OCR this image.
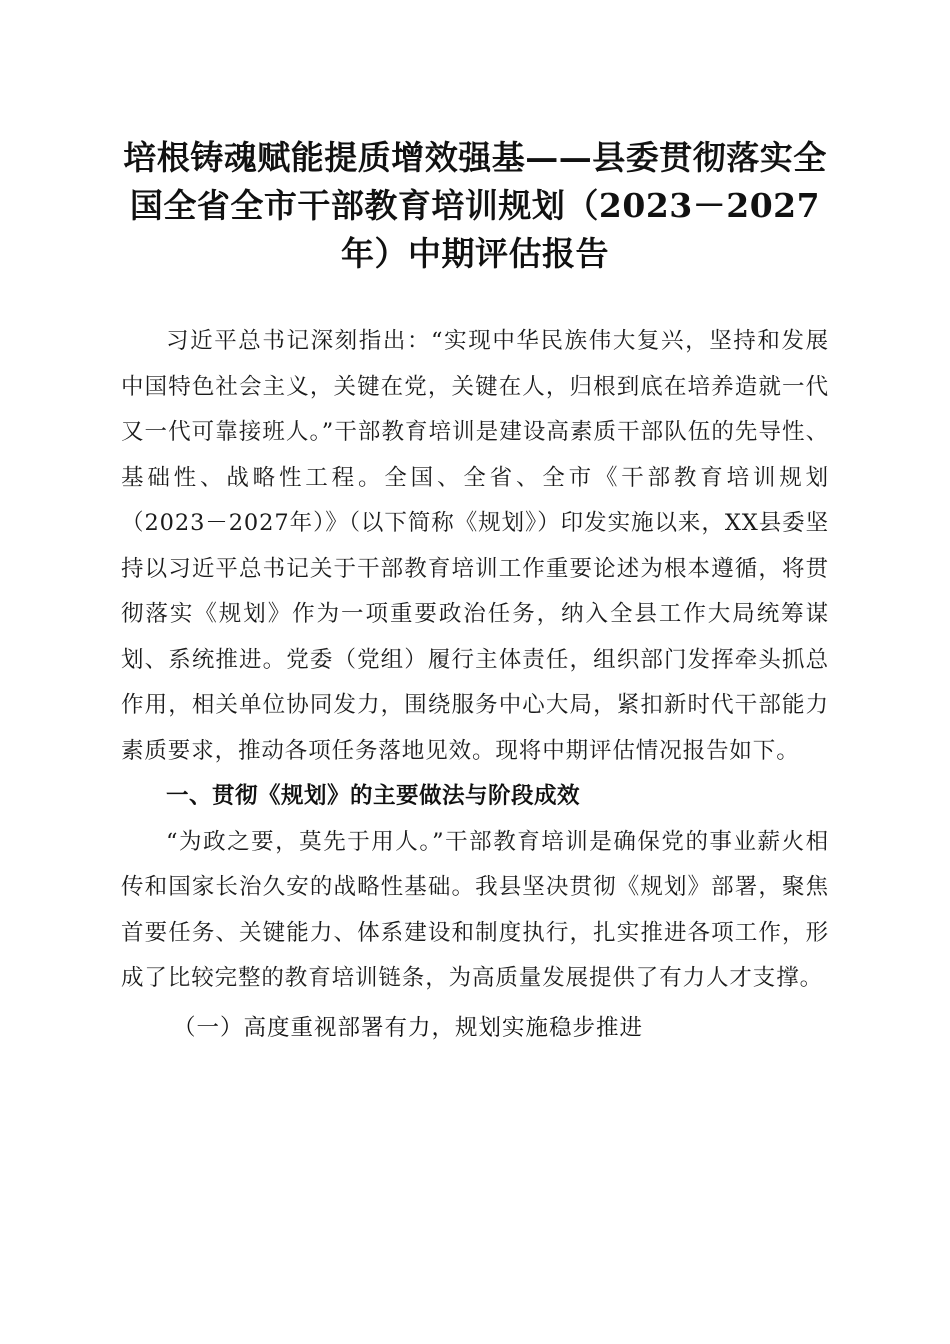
培根铸魂赋能提质增效强基——县委贯彻落实全国全省全市干部教育培训规划（2023－2027年）中期评估报告

习近平总书记深刻指出：“实现中华民族伟大复兴，坚持和发展中国特色社会主义，关键在党，关键在人，归根到底在培养造就一代又一代可靠接班人。”干部教育培训是建设高素质干部队伍的先导性、基础性、战略性工程。全国、全省、全市《干部教育培训规划（2023－2027年）》（以下简称《规划》）印发实施以来，XX县委坚持以习近平总书记关于干部教育培训工作重要论述为根本遵循，将贯彻落实《规划》作为一项重要政治任务，纳入全县工作大局统筹谋划、系统推进。党委（党组）履行主体责任，组织部门发挥牵头抓总作用，相关单位协同发力，围绕服务中心大局，紧扣新时代干部能力素质要求，推动各项任务落地见效。现将中期评估情况报告如下。

一、贯彻《规划》的主要做法与阶段成效

“为政之要，莫先于用人。”干部教育培训是确保党的事业薪火相传和国家长治久安的战略性基础。我县坚决贯彻《规划》部署，聚焦首要任务、关键能力、体系建设和制度执行，扎实推进各项工作，形成了比较完整的教育培训链条，为高质量发展提供了有力人才支撑。

（一）高度重视部署有力，规划实施稳步推进
